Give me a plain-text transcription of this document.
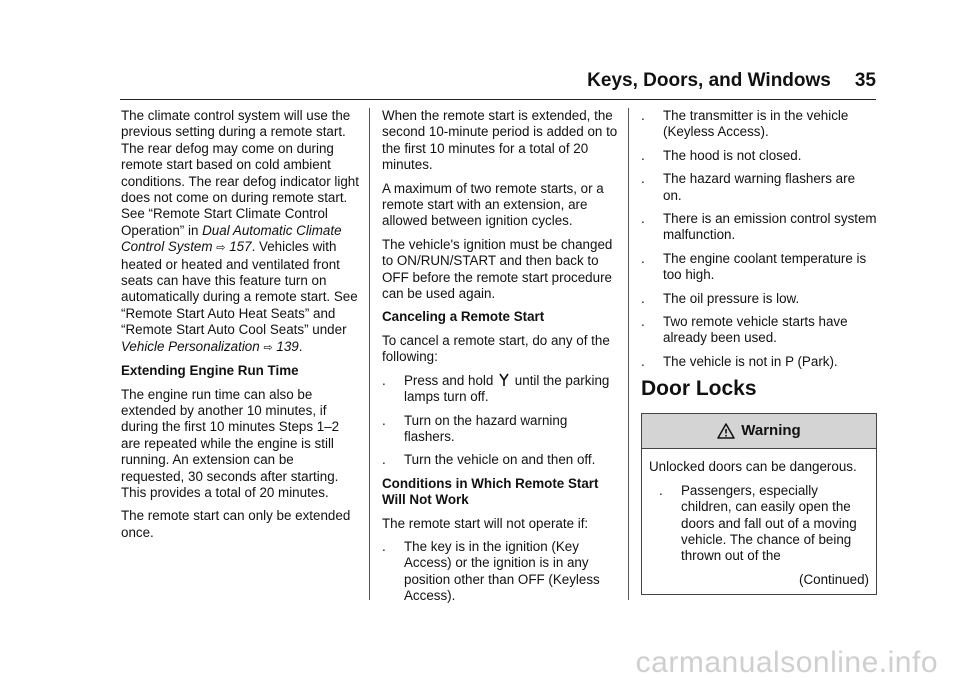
Keys, Doors, and Windows 35

The climate control system will use the previous setting during a remote start. The rear defog may come on during remote start based on cold ambient conditions. The rear defog indicator light does not come on during remote start. See “Remote Start Climate Control Operation” in Dual Automatic Climate Control System ⇨ 157. Vehicles with heated or heated and ventilated front seats can have this feature turn on automatically during a remote start. See “Remote Start Auto Heat Seats” and “Remote Start Auto Cool Seats” under Vehicle Personalization ⇨ 139.

Extending Engine Run Time

The engine run time can also be extended by another 10 minutes, if during the first 10 minutes Steps 1–2 are repeated while the engine is still running. An extension can be requested, 30 seconds after starting. This provides a total of 20 minutes.

The remote start can only be extended once.

When the remote start is extended, the second 10-minute period is added on to the first 10 minutes for a total of 20 minutes.

A maximum of two remote starts, or a remote start with an extension, are allowed between ignition cycles.

The vehicle's ignition must be changed to ON/RUN/START and then back to OFF before the remote start procedure can be used again.

Canceling a Remote Start

To cancel a remote start, do any of the following:

.	Press and hold until the parking lamps turn off.
.	Turn on the hazard warning flashers.
.	Turn the vehicle on and then off.

Conditions in Which Remote Start Will Not Work

The remote start will not operate if:

.	The key is in the ignition (Key Access) or the ignition is in any position other than OFF (Keyless Access).
.	The transmitter is in the vehicle (Keyless Access).
.	The hood is not closed.
.	The hazard warning flashers are on.
.	There is an emission control system malfunction.
.	The engine coolant temperature is too high.
.	The oil pressure is low.
.	Two remote vehicle starts have already been used.
.	The vehicle is not in P (Park).
Door Locks
Warning

Unlocked doors can be dangerous.

.	Passengers, especially children, can easily open the doors and fall out of a moving vehicle. The chance of being thrown out of the
(Continued)
carmanualsonline.info
